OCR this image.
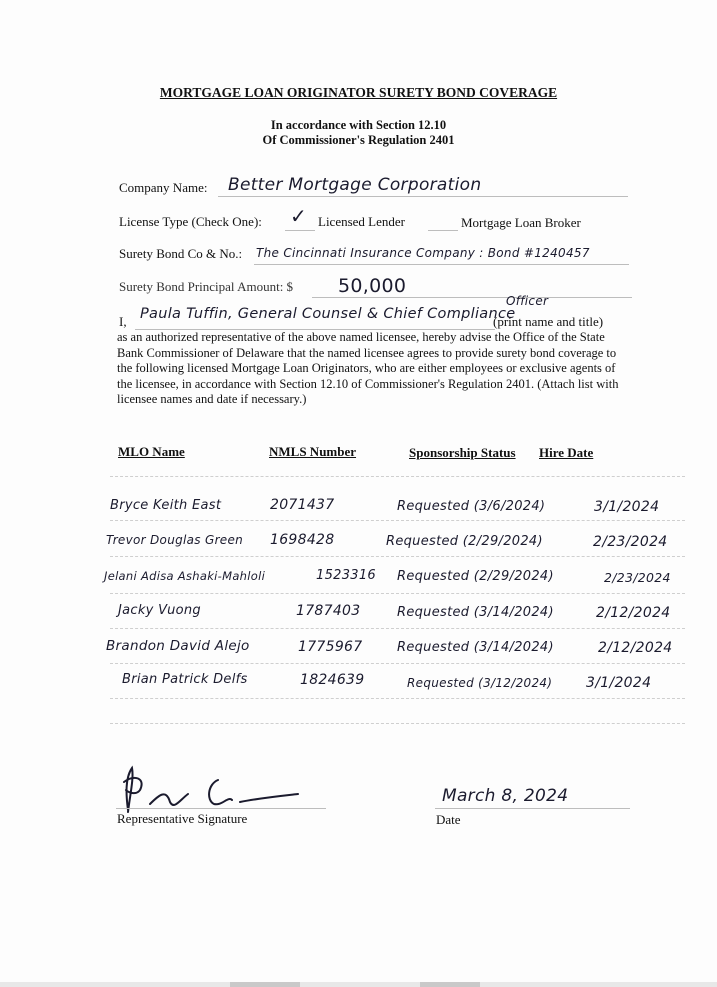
MORTGAGE LOAN ORIGINATOR SURETY BOND COVERAGE
In accordance with Section 12.10
Of Commissioner's Regulation 2401
Company Name: Better Mortgage Corporation
License Type (Check One): ✓ Licensed Lender	Mortgage Loan Broker
Surety Bond Co & No.: The Cincinnati Insurance Company : Bond #1240457
Surety Bond Principal Amount: $ 50,000
I, Paula Tuffin, General Counsel & Chief Compliance
Officer
(print name and title)
as an authorized representative of the above named licensee, hereby advise the Office of the State Bank Commissioner of Delaware that the named licensee agrees to provide surety bond coverage to the following licensed Mortgage Loan Originators, who are either employees or exclusive agents of the licensee, in accordance with Section 12.10 of Commissioner's Regulation 2401. (Attach list with licensee names and date if necessary.)
MLO Name	NMLS Number	Sponsorship Status Hire Date
Bryce Keith East	2071437	Requested (3/6/2024)	3/1/2024
Trevor Douglas Green 1698428	Requested (2/29/2024)	2/23/2024
Jelani Adisa Ashaki-Mahloli	1523316 Requested (2/29/2024)	2/23/2024
Jacky Vuong	1787403	Requested (3/14/2024)	2/12/2024
Brandon David Alejo	1775967	Requested (3/14/2024)	2/12/2024
Brian Patrick Delfs	1824639	Requested (3/12/2024) 3/1/2024
Representative Signature
March 8, 2024
Date
